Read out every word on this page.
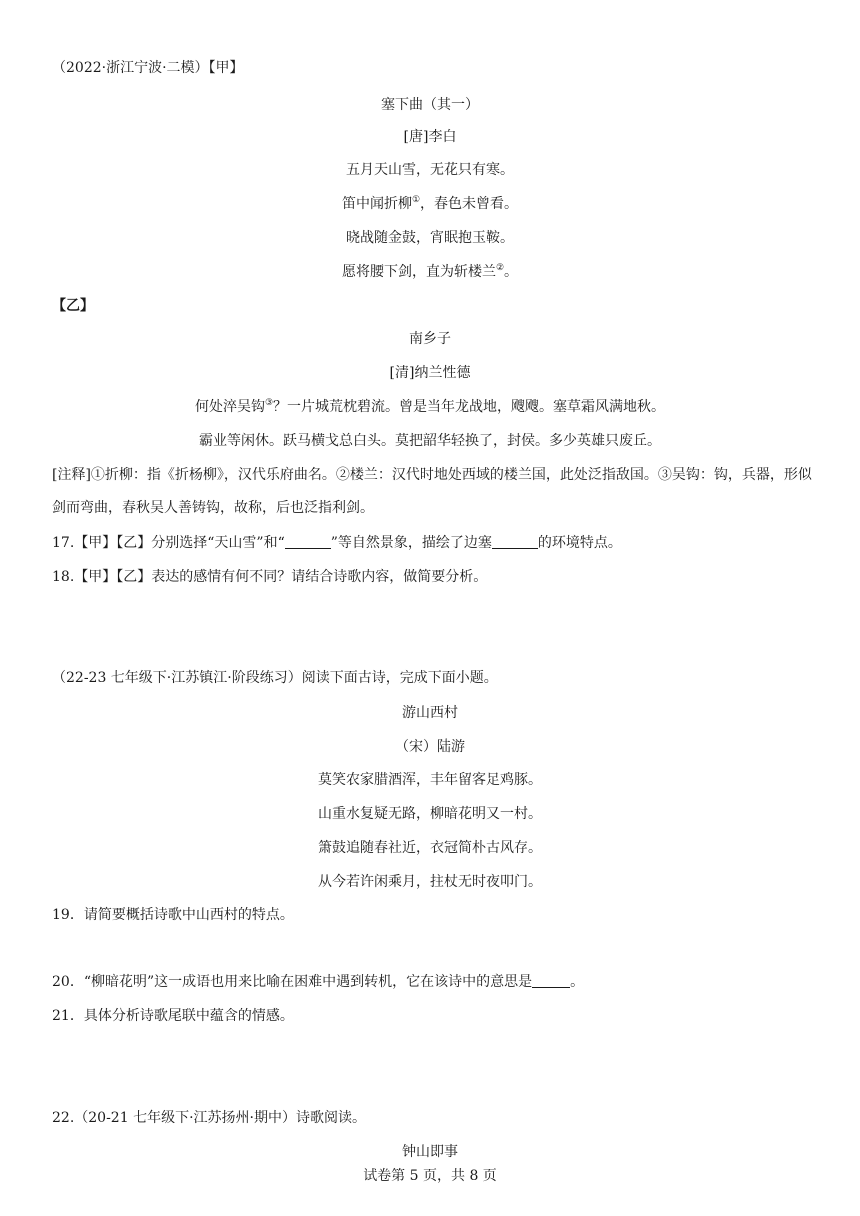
（2022·浙江宁波·二模）【甲】
塞下曲（其一）
[唐]李白
五月天山雪，无花只有寒。
笛中闻折柳①，春色未曾看。
晓战随金鼓，宵眠抱玉鞍。
愿将腰下剑，直为斩楼兰②。
【乙】
南乡子
[清]纳兰性德
何处淬吴钩③？一片城荒枕碧流。曾是当年龙战地，飕飕。塞草霜风满地秋。
霸业等闲休。跃马横戈总白头。莫把韶华轻换了，封侯。多少英雄只废丘。
[注释]①折柳：指《折杨柳》，汉代乐府曲名。②楼兰：汉代时地处西域的楼兰国，此处泛指敌国。③吴钩：钩，兵器，形似剑而弯曲，春秋吴人善铸钩，故称，后也泛指利剑。
17.【甲】【乙】分别选择“天山雪”和“	”等自然景象，描绘了边塞	的环境特点。
18.【甲】【乙】表达的感情有何不同？请结合诗歌内容，做简要分析。
（22-23 七年级下·江苏镇江·阶段练习）阅读下面古诗，完成下面小题。
游山西村
（宋）陆游
莫笑农家腊酒浑，丰年留客足鸡豚。
山重水复疑无路，柳暗花明又一村。
箫鼓追随春社近，衣冠简朴古风存。
从今若许闲乘月，拄杖无时夜叩门。
19．请简要概括诗歌中山西村的特点。
20．“柳暗花明”这一成语也用来比喻在困难中遇到转机，它在该诗中的意思是	。
21．具体分析诗歌尾联中蕴含的情感。
22.（20-21 七年级下·江苏扬州·期中）诗歌阅读。
钟山即事
试卷第 5 页，共 8 页
